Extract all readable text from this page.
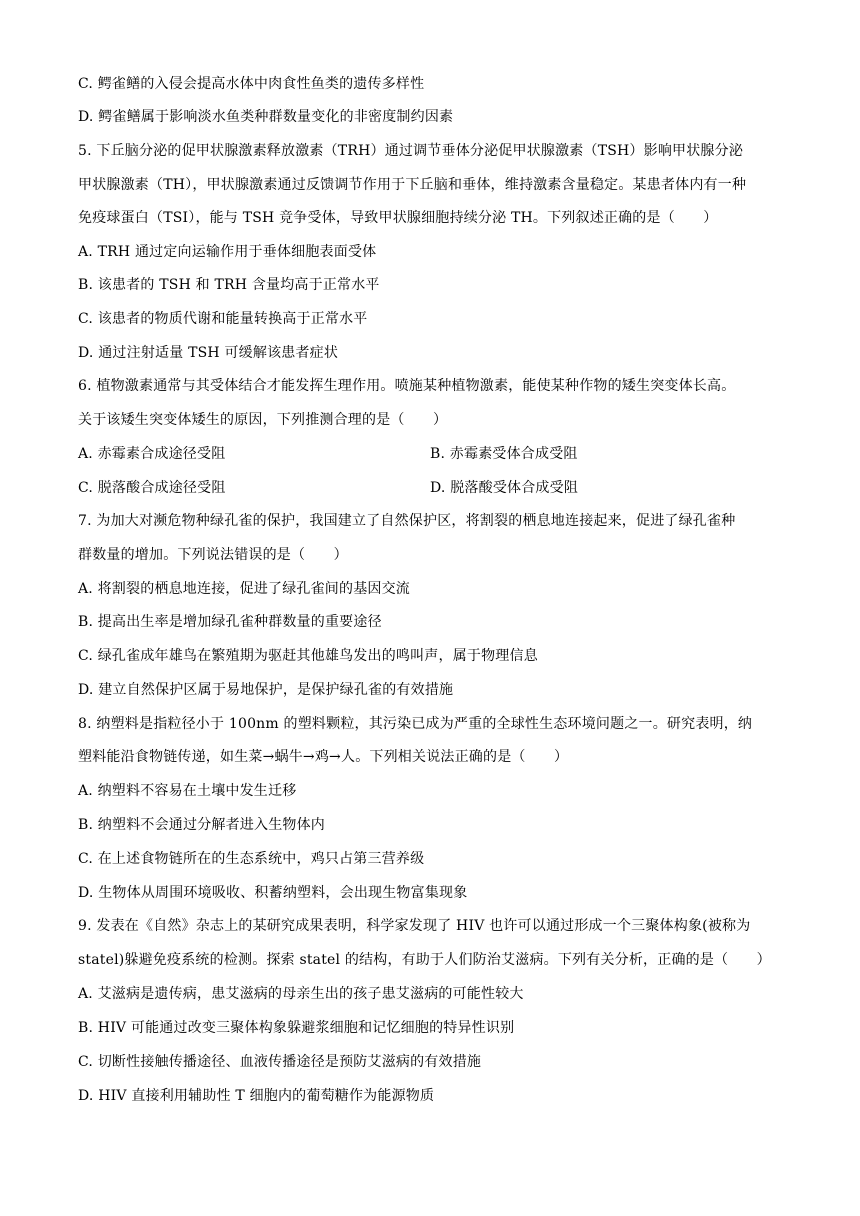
C. 鳄雀鳝的入侵会提高水体中肉食性鱼类的遗传多样性
D. 鳄雀鳝属于影响淡水鱼类种群数量变化的非密度制约因素
5. 下丘脑分泌的促甲状腺激素释放激素（TRH）通过调节垂体分泌促甲状腺激素（TSH）影响甲状腺分泌
甲状腺激素（TH），甲状腺激素通过反馈调节作用于下丘脑和垂体，维持激素含量稳定。某患者体内有一种
免疫球蛋白（TSI），能与 TSH 竞争受体，导致甲状腺细胞持续分泌 TH。下列叙述正确的是（　　）
A. TRH 通过定向运输作用于垂体细胞表面受体
B. 该患者的 TSH 和 TRH 含量均高于正常水平
C. 该患者的物质代谢和能量转换高于正常水平
D. 通过注射适量 TSH 可缓解该患者症状
6. 植物激素通常与其受体结合才能发挥生理作用。喷施某种植物激素，能使某种作物的矮生突变体长高。
关于该矮生突变体矮生的原因，下列推测合理的是（　　）
A. 赤霉素合成途径受阻	B. 赤霉素受体合成受阻
C. 脱落酸合成途径受阻	D. 脱落酸受体合成受阻
7. 为加大对濒危物种绿孔雀的保护，我国建立了自然保护区，将割裂的栖息地连接起来，促进了绿孔雀种
群数量的增加。下列说法错误的是（　　）
A. 将割裂的栖息地连接，促进了绿孔雀间的基因交流
B. 提高出生率是增加绿孔雀种群数量的重要途径
C. 绿孔雀成年雄鸟在繁殖期为驱赶其他雄鸟发出的鸣叫声，属于物理信息
D. 建立自然保护区属于易地保护，是保护绿孔雀的有效措施
8. 纳塑料是指粒径小于 100nm 的塑料颗粒，其污染已成为严重的全球性生态环境问题之一。研究表明，纳
塑料能沿食物链传递，如生菜→蜗牛→鸡→人。下列相关说法正确的是（　　）
A. 纳塑料不容易在土壤中发生迁移
B. 纳塑料不会通过分解者进入生物体内
C. 在上述食物链所在的生态系统中，鸡只占第三营养级
D. 生物体从周围环境吸收、积蓄纳塑料，会出现生物富集现象
9. 发表在《自然》杂志上的某研究成果表明，科学家发现了 HIV 也许可以通过形成一个三聚体构象(被称为
statel)躲避免疫系统的检测。探索 statel 的结构，有助于人们防治艾滋病。下列有关分析，正确的是（　　）
A. 艾滋病是遗传病，患艾滋病的母亲生出的孩子患艾滋病的可能性较大
B. HIV 可能通过改变三聚体构象躲避浆细胞和记忆细胞的特异性识别
C. 切断性接触传播途径、血液传播途径是预防艾滋病的有效措施
D. HIV 直接利用辅助性 T 细胞内的葡萄糖作为能源物质
